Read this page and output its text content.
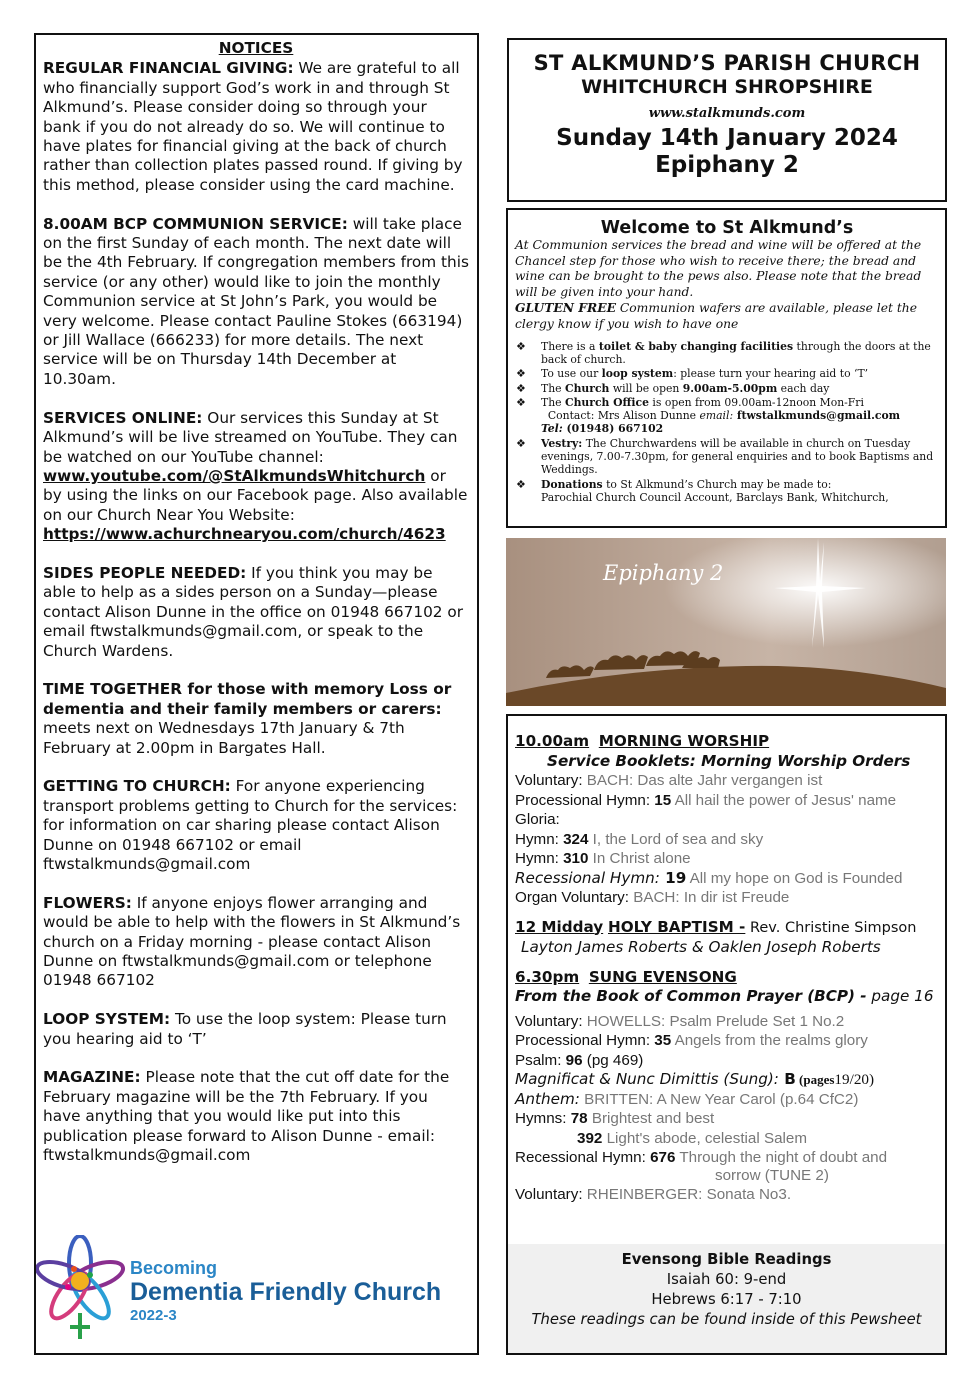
NOTICES

REGULAR FINANCIAL GIVING: We are grateful to all who financially support God’s work in and through St Alkmund’s. Please consider doing so through your bank if you do not already do so. We will continue to have plates for financial giving at the back of church rather than collection plates passed round. If giving by this method, please consider using the card machine.

8.00AM BCP COMMUNION SERVICE: will take place on the first Sunday of each month. The next date will be the 4th February. If congregation members from this service (or any other) would like to join the monthly Communion service at St John’s Park, you would be very welcome. Please contact Pauline Stokes (663194) or Jill Wallace (666233) for more details. The next service will be on Thursday 14th December at 10.30am.

SERVICES ONLINE: Our services this Sunday at St Alkmund’s will be live streamed on YouTube. They can be watched on our YouTube channel:
www.youtube.com/@StAlkmundsWhitchurch or by using the links on our Facebook page. Also available on our Church Near You Website:
https://www.achurchnearyou.com/church/4623

SIDES PEOPLE NEEDED: If you think you may be able to help as a sides person on a Sunday—please contact Alison Dunne in the office on 01948 667102 or email ftwstalkmunds@gmail.com, or speak to the Church Wardens.

TIME TOGETHER for those with memory Loss or dementia and their family members or carers: meets next on Wednesdays 17th January & 7th February at 2.00pm in Bargates Hall.

GETTING TO CHURCH: For anyone experiencing transport problems getting to Church for the services: for information on car sharing please contact Alison Dunne on 01948 667102 or email ftwstalkmunds@gmail.com

FLOWERS: If anyone enjoys flower arranging and would be able to help with the flowers in St Alkmund’s church on a Friday morning - please contact Alison Dunne on ftwstalkmunds@gmail.com or telephone 01948 667102

LOOP SYSTEM: To use the loop system: Please turn you hearing aid to ‘T’

MAGAZINE: Please note that the cut off date for the February magazine will be the 7th February. If you have anything that you would like put into this publication please forward to Alison Dunne - email: ftwstalkmunds@gmail.com

Becoming
Dementia Friendly Church
2022-3
ST ALKMUND’S PARISH CHURCH
WHITCHURCH SHROPSHIRE
www.stalkmunds.com
Sunday 14th January 2024
Epiphany 2
Welcome to St Alkmund’s
At Communion services the bread and wine will be offered at the Chancel step for those who wish to receive there; the bread and wine can be brought to the pews also. Please note that the bread will be given into your hand.
GLUTEN FREE Communion wafers are available, please let the clergy know if you wish to have one
❖ There is a toilet & baby changing facilities through the doors at the back of church.
❖ To use our loop system: please turn your hearing aid to ‘T’
❖ The Church will be open 9.00am-5.00pm each day
❖ The Church Office is open from 09.00am-12noon Mon-Fri
Contact: Mrs Alison Dunne email: ftwstalkmunds@gmail.com
Tel: (01948) 667102
❖ Vestry: The Churchwardens will be available in church on Tuesday evenings, 7.00-7.30pm, for general enquiries and to book Baptisms and Weddings.
❖ Donations to St Alkmund’s Church may be made to:
Parochial Church Council Account, Barclays Bank, Whitchurch,
Epiphany 2
10.00am MORNING WORSHIP
Service Booklets: Morning Worship Orders
Voluntary: BACH: Das alte Jahr vergangen ist
Processional Hymn: 15 All hail the power of Jesus' name
Gloria:
Hymn: 324 I, the Lord of sea and sky
Hymn: 310 In Christ alone
Recessional Hymn: 19 All my hope on God is Founded
Organ Voluntary: BACH: In dir ist Freude
12 Midday HOLY BAPTISM - Rev. Christine Simpson
Layton James Roberts & Oaklen Joseph Roberts
6.30pm SUNG EVENSONG
From the Book of Common Prayer (BCP) - page 16
Voluntary: HOWELLS: Psalm Prelude Set 1 No.2
Processional Hymn: 35 Angels from the realms glory
Psalm: 96 (pg 469)
Magnificat & Nunc Dimittis (Sung): B (pages19/20)
Anthem: BRITTEN: A New Year Carol (p.64 CfC2)
Hymns: 78 Brightest and best
392 Light's abode, celestial Salem
Recessional Hymn: 676 Through the night of doubt and
sorrow (TUNE 2)
Voluntary: RHEINBERGER: Sonata No3.
Evensong Bible Readings
Isaiah 60: 9-end
Hebrews 6:17 - 7:10
These readings can be found inside of this Pewsheet
